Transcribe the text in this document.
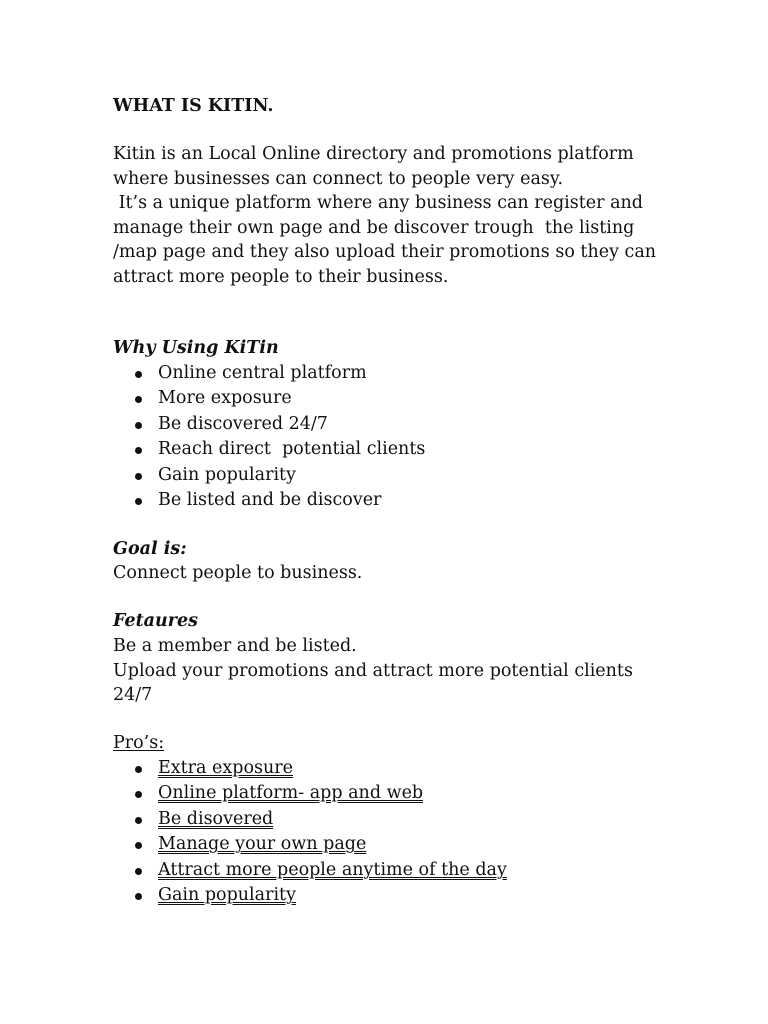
WHAT IS KITIN.
Kitin is an Local Online directory and promotions platform
where businesses can connect to people very easy.
It’s a unique platform where any business can register and
manage their own page and be discover trough  the listing
/map page and they also upload their promotions so they can
attract more people to their business.
Why Using KiTin
Online central platform
More exposure
Be discovered 24/7
Reach direct  potential clients
Gain popularity
Be listed and be discover
Goal is:
Connect people to business.
Fetaures
Be a member and be listed.
Upload your promotions and attract more potential clients
24/7
Pro’s:
Extra exposure
Online platform- app and web
Be disovered
Manage your own page
Attract more people anytime of the day
Gain popularity
